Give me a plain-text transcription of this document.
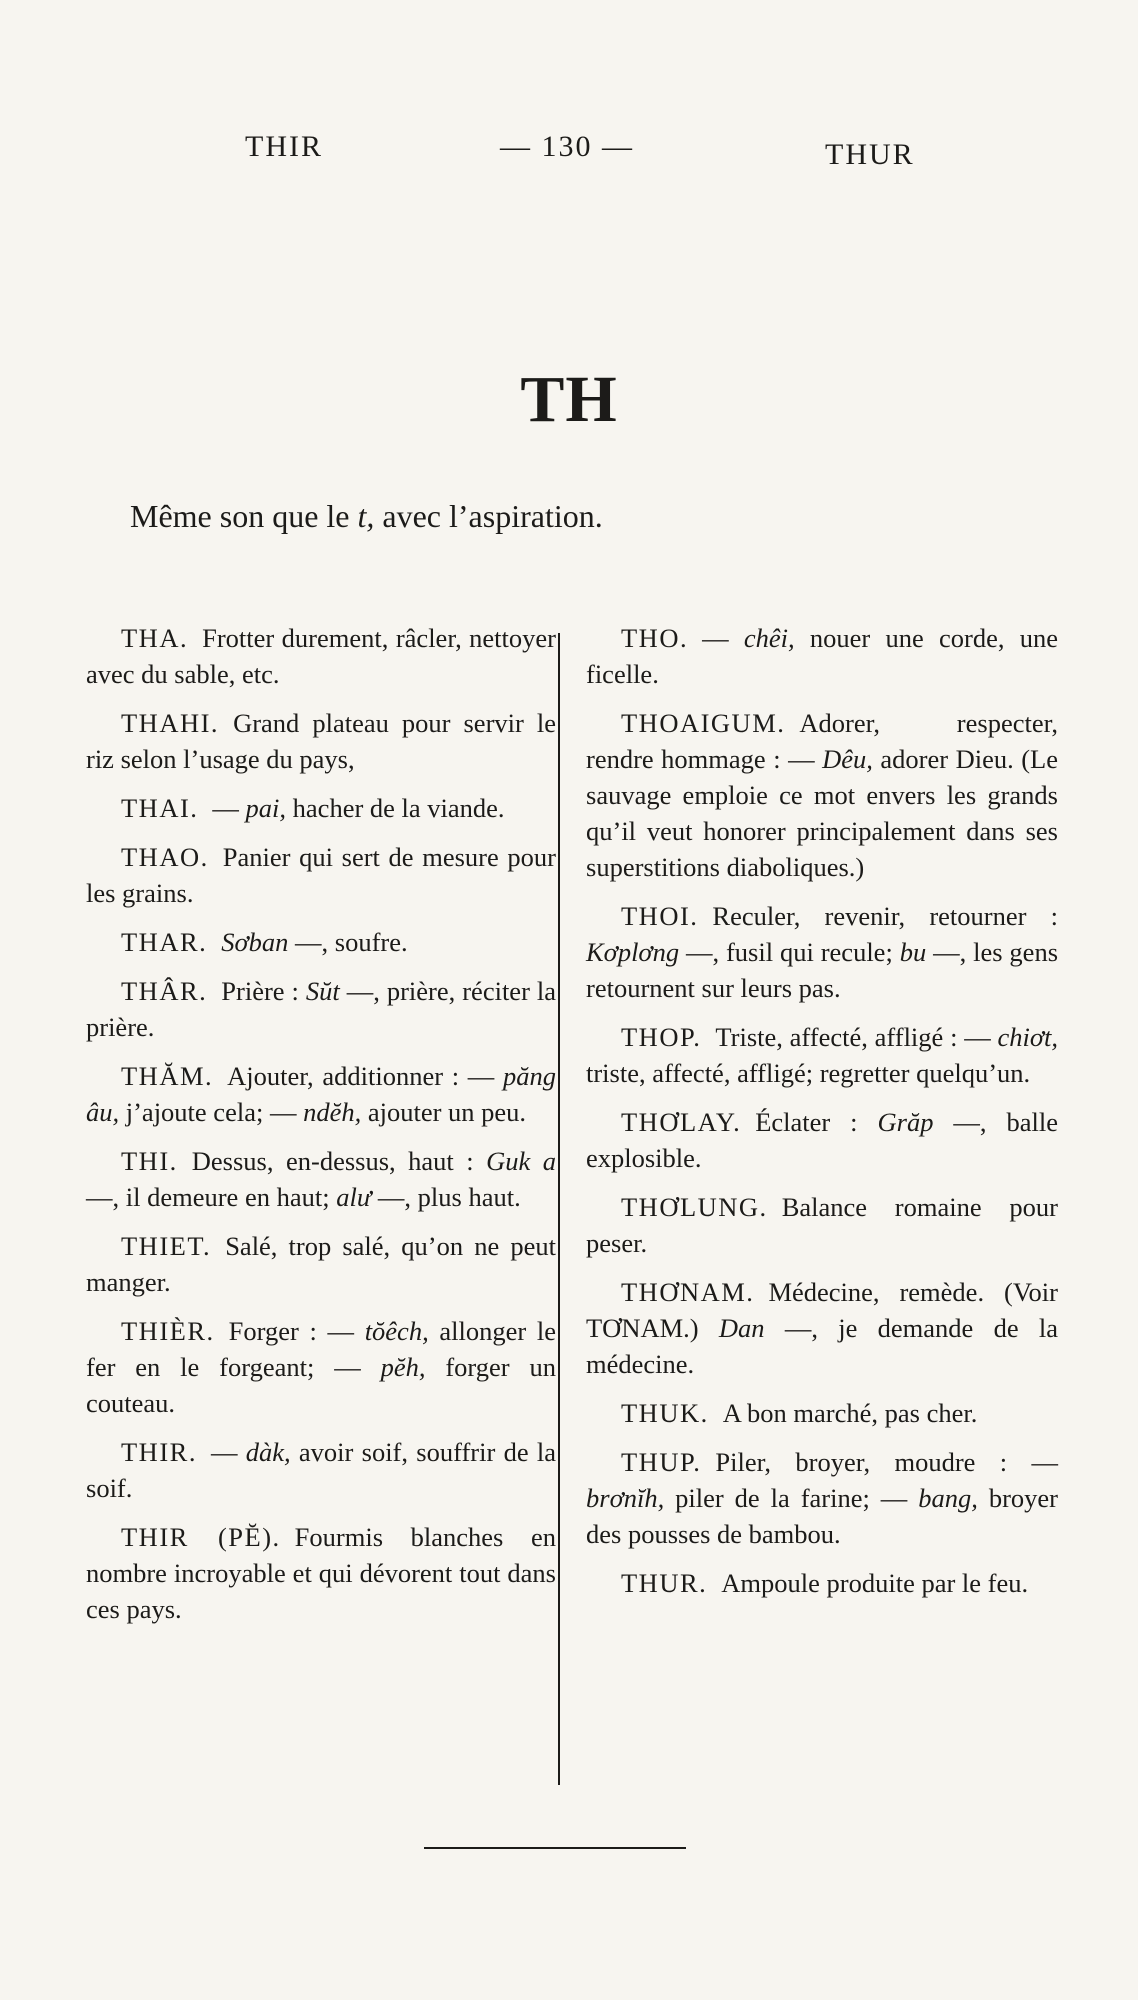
THIR	— 130 —	THUR
TH
Même son que le t, avec l’aspiration.

THA. Frotter durement, râcler, nettoyer avec du sable, etc.

THAHI. Grand plateau pour servir le riz selon l’usage du pays,

THAI. — pai, hacher de la viande.

THAO. Panier qui sert de mesure pour les grains.

THAR. Sơban —, soufre.

THÂR. Prière : Sŭt —, prière, réciter la prière.

THĂM. Ajouter, additionner : — păng âu, j’ajoute cela; — ndĕh, ajouter un peu.

THI. Dessus, en-dessus, haut : Guk a —, il demeure en haut; alư —, plus haut.

THIET. Salé, trop salé, qu’on ne peut manger.

THIÈR. Forger : — tŏêch, allonger le fer en le forgeant; — pĕh, forger un couteau.

THIR. — dàk, avoir soif, souffrir de la soif.

THIR (PĔ). Fourmis blanches en nombre incroyable et qui dévorent tout dans ces pays.

THO. — chêi, nouer une corde, une ficelle.

THOAIGUM. Adorer, respecter, rendre hommage : — Dêu, adorer Dieu. (Le sauvage emploie ce mot envers les grands qu’il veut honorer principalement dans ses superstitions diaboliques.)

THOI. Reculer, revenir, retourner : Kơplơng —, fusil qui recule; bu —, les gens retournent sur leurs pas.

THOP. Triste, affecté, affligé : — chiơt, triste, affecté, affligé; regretter quelqu’un.

THƠLAY. Éclater : Grăp —, balle explosible.

THƠLUNG. Balance romaine pour peser.

THƠNAM. Médecine, remède. (Voir TƠNAM.) Dan —, je demande de la médecine.

THUK. A bon marché, pas cher.

THUP. Piler, broyer, moudre : — brơnĭh, piler de la farine; — bang, broyer des pousses de bambou.

THUR. Ampoule produite par le feu.
